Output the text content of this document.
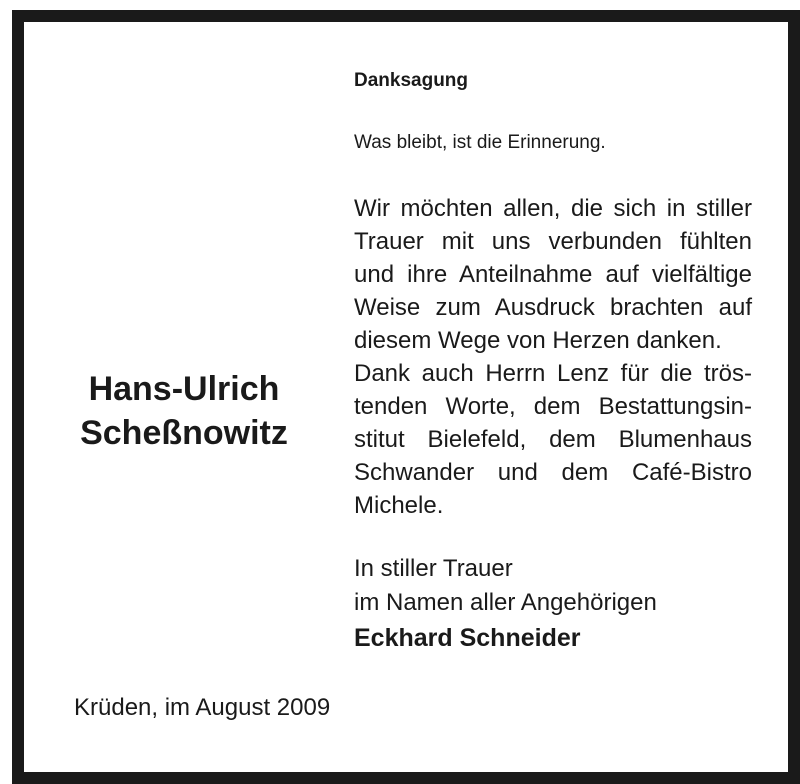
Hans-Ulrich
Scheßnowitz
Danksagung
Was bleibt, ist die Erinnerung.
Wir möchten allen, die sich in stiller
Trauer mit uns verbunden fühlten
und ihre Anteilnahme auf vielfältige
Weise zum Ausdruck brachten auf
diesem Wege von Herzen danken.
Dank auch Herrn Lenz für die trös-
tenden Worte, dem Bestattungsin-
stitut Bielefeld, dem Blumenhaus
Schwander und dem Café-Bistro
Michele.
In stiller Trauer
im Namen aller Angehörigen
Eckhard Schneider
Krüden, im August 2009
